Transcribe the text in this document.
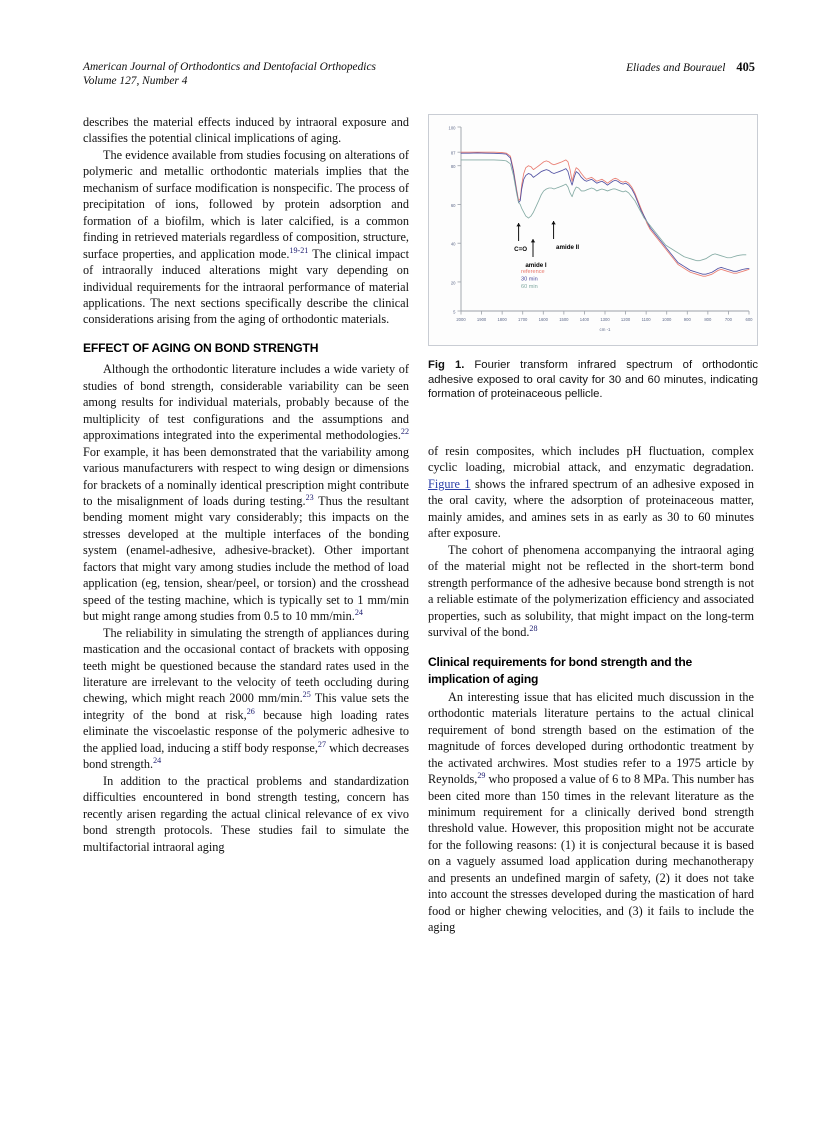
American Journal of Orthodontics and Dentofacial Orthopedics
Volume 127, Number 4
Eliades and Bourauel 405

describes the material effects induced by intraoral exposure and classifies the potential clinical implications of aging.

The evidence available from studies focusing on alterations of polymeric and metallic orthodontic materials implies that the mechanism of surface modification is nonspecific. The process of precipitation of ions, followed by protein adsorption and formation of a biofilm, which is later calcified, is a common finding in retrieved materials regardless of composition, structure, surface properties, and application mode.$^{19-21}$ The clinical impact of intraorally induced alterations might vary depending on individual requirements for the intraoral performance of material applications. The next sections specifically describe the clinical considerations arising from the aging of orthodontic materials.

EFFECT OF AGING ON BOND STRENGTH

Although the orthodontic literature includes a wide variety of studies of bond strength, considerable variability can be seen among results for individual materials, probably because of the multiplicity of test configurations and the assumptions and approximations integrated into the experimental methodologies.$^{22}$ For example, it has been demonstrated that the variability among various manufacturers with respect to wing design or dimensions for brackets of a nominally identical prescription might contribute to the misalignment of loads during testing.$^{23}$ Thus the resultant bending moment might vary considerably; this impacts on the stresses developed at the multiple interfaces of the bonding system (enamel-adhesive, adhesive-bracket). Other important factors that might vary among studies include the method of load application (eg, tension, shear/peel, or torsion) and the crosshead speed of the testing machine, which is typically set to 1 mm/min but might range among studies from 0.5 to 10 mm/min.$^{24}$

The reliability in simulating the strength of appliances during mastication and the occasional contact of brackets with opposing teeth might be questioned because the standard rates used in the literature are irrelevant to the velocity of teeth occluding during chewing, which might reach 2000 mm/min.$^{25}$ This value sets the integrity of the bond at risk,$^{26}$ because high loading rates eliminate the viscoelastic response of the polymeric adhesive to the applied load, inducing a stiff body response,$^{27}$ which decreases bond strength.$^{24}$

In addition to the practical problems and standardization difficulties encountered in bond strength testing, concern has recently arisen regarding the actual clinical relevance of ex vivo bond strength protocols. These studies fail to simulate the multifactorial intraoral aging

100
87
80
60
40
20
5
2000	1900	1800	1700	1600	1500	1400	1300	1200	1100	1000	900	800	700	600
cm -1
C=O
amide I
amide II
reference
30 min
60 min
Fig 1. Fourier transform infrared spectrum of orthodontic adhesive exposed to oral cavity for 30 and 60 minutes, indicating formation of proteinaceous pellicle.

of resin composites, which includes pH fluctuation, complex cyclic loading, microbial attack, and enzymatic degradation. Figure 1 shows the infrared spectrum of an adhesive exposed in the oral cavity, where the adsorption of proteinaceous matter, mainly amides, and amines sets in as early as 30 to 60 minutes after exposure.

The cohort of phenomena accompanying the intraoral aging of the material might not be reflected in the short-term bond strength performance of the adhesive because bond strength is not a reliable estimate of the polymerization efficiency and associated properties, such as solubility, that might impact on the long-term survival of the bond.$^{28}$

Clinical requirements for bond strength and the implication of aging

An interesting issue that has elicited much discussion in the orthodontic materials literature pertains to the actual clinical requirement of bond strength based on the estimation of the magnitude of forces developed during orthodontic treatment by the activated archwires. Most studies refer to a 1975 article by Reynolds,$^{29}$ who proposed a value of 6 to 8 MPa. This number has been cited more than 150 times in the relevant literature as the minimum requirement for a clinically derived bond strength threshold value. However, this proposition might not be accurate for the following reasons: (1) it is conjectural because it is based on a vaguely assumed load application during mechanotherapy and presents an undefined margin of safety, (2) it does not take into account the stresses developed during the mastication of hard food or higher chewing velocities, and (3) it fails to include the aging
